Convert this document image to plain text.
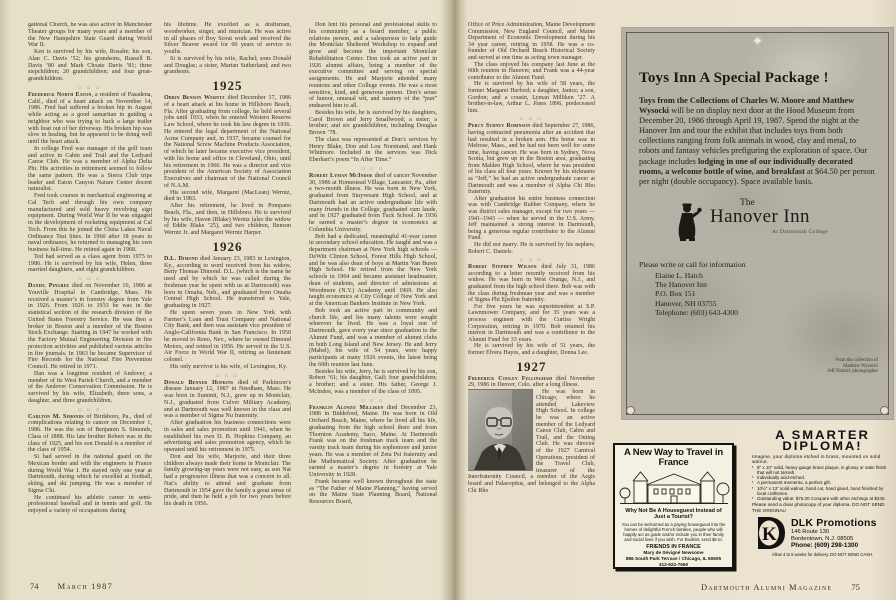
gational Church, he was also active in Manchester Theater groups for many years and a member of the New Hampshire State Guard during World War II.

Ken is survived by his wife, Rosalie; his son, Alan C. Davis ’52; his grandsons, Russell B. Davis ’80 and Mark Choate Davis ’81; three stepchildren; 20 grandchildren; and four great-grandchildren.

□ □ □

Frederick North Eaton, a resident of Pasadena, Calif., died of a heart attack on November 14, 1986. Fred had suffered a broken hip in August while acting as a good samaritan in guiding a neighbor who was trying to back a large trailer with boat out of her driveway. His broken hip was slow in healing, but he appeared to be doing well until the heart attack.

In college Fred was manager of the golf team and active in Cabin and Trail and the Ledyard Canoe Club. He was a member of Alpha Delta Phi. His activities in retirement seemed to follow the same pattern. He was a Sierra Club trips leader and Eaton Canyon Nature Center docent naturalist.

Fred took courses in mechanical engineering at Cal Tech and through his own company manufactured and sold heavy revolving sign equipment. During World War II he was engaged in the development of rocketing equipment at Cal Tech. From this he joined the China Lakes Naval Ordinance Test Sites. In 1960 after 18 years in naval ordinance, he returned to managing his own business full-time. He retired again in 1968.

Ted had served as a class agent from 1975 to 1986. He is survived by his wife, Helen, three married daughters, and eight grandchildren.

□ □ □

Daniel Pingree died on November 16, 1986 at Youville Hospital in Cambridge, Mass. He received a master’s in forestry degree from Yale in 1926. From 1926 to 1933 he was in the statistical section of the research division of the United States Forestry Service. He was then a broker in Boston and a member of the Boston Stock Exchange. Starting in 1947 he worked with the Factory Mutual Engineering Division in fire protection activities and published various articles in fire journals. In 1963 he became Supervisor of Fire Records for the National Fire Prevention Council. He retired in 1971.

Dan was a longtime resident of Andover, a member of its West Parish Church, and a member of the Andover Conservation Commission. He is survived by his wife, Elizabeth, three sons, a daughter, and three grandchildren.

□ □ □

Carlton M. Simonds of Birdsboro, Pa., died of complications relating to cancer on December 1, 1986. He was the son of Benjamin S. Simonds, Class of 1888. His late brother Robert was in the class of 1925, and his son Donald is a member of the class of 1954.

Si had served in the national guard on the Mexican border and with the engineers in France during World War I. He stayed only one year at Dartmouth, during which he excelled at football, skiing, and ski jumping. He was a member of Sigma Chi.

He continued his athletic career in semi-professional baseball and in tennis and golf. He enjoyed a variety of occupations during

his lifetime. He excelled as a draftsman, woodworker, singer, and musician. He was active in all phases of Boy Scout work and received the Silver Beaver award for 60 years of service to youths.

Si is survived by his wife, Rachel; sons Donald and Douglas; a sister, Marian Sutherland; and two grandsons.

1925

Orrin Benson Werntz died December 17, 1986 of a heart attack at his home in Hillsboro Beach, Fla. After graduating from college, he held several jobs until 1933, when he entered Western Reserve Law School, where he took his law degree in 1936. He entered the legal department of the National Acme Company and, in 1937, became counsel for the National Screw Machine Products Association, of which he later became executive vice president, with his home and office in Cleveland, Ohio, until his retirement in 1966. He was a director and vice president of the American Society of Association Executives and chairman of the National Council of N.A.M.

His second wife, Margaret (MacLean) Werntz, died in 1983.

After his retirement, he lived in Pompano Beach, Fla., and then, in Hillsboro. He is survived by his wife, Haven (Blake) Werntz (also the widow of Eddie Blake ’25), and two children, Benson Werntz Jr. and Margaret Werntz Harper.

1926

D.L. Dimond died January 23, 1983 in Lexington, Ky., according to word received from his widow, Betty Thomas Dimond. D.L. (which is the name he used and by which he was called during the freshman year he spent with us at Dartmouth) was born in Omaha, Neb., and graduated from Omaha Central High School. He transferred to Yale, graduating in 1927.

He spent seven years in New York with Farmer’s Loan and Trust Company and National City Bank, and then was assistant vice president of Anglo-California Bank in San Francisco. In 1950 he moved to Reno, Nev., where he owned Dimond Motors, and retired in 1956. He served in the U.S. Air Force in World War II, retiring as lieutenant colonel.

His only survivor is his wife, of Lexington, Ky.

□ □ □

Donald Benner Hopkins died of Parkinson’s disease January 12, 1987 in Needham, Mass. He was born in Summit, N.J., grew up in Montclair, N.J., graduated from Culver Military Academy, and at Dartmouth was well known in the class and was a member of Sigma Nu fraternity.

After graduation his business connections were in sales and sales promotion until 1941, when he established his own D. B. Hopkins Company, an advertising and sales promotion agency, which he operated until his retirement in 1975.

Don and his wife, Marjorie, and their three children always made their home in Montclair. The family growing-up years were not easy, as son Nat had a progressive illness that was a concern to all. Nat’s ability to attend and graduate from Dartmouth in 1954 gave the family a great sense of pride, and then he held a job for two years before his death in 1956.

Don lent his personal and professional skills to his community as a board member, a public relations person, and a salesperson to help guide the Montclair Sheltered Workshop to expand and grow and become the important Montclair Rehabilitation Center. Don took an active part in 1926 alumni affairs, being a member of the executive committee and serving on special assignments. He and Marjorie attended many reunions and other College events. He was a most sensitive, kind, and generous person. Don’s sense of humor, unusual wit, and mastery of the “pun” endeared him to all.

Besides his wife, he is survived by his daughters, Carol Brown and Jerry Smallwood; a sister; a brother; and six grandchildren, including Douglas Brown ’78.

The class was represented at Don’s services by Henry Blake, Don and Lou Norstrand, and Hank Whitmore. Included in the services was Dick Eberhart’s poem “In After Time.”

□ □ □

Robert Lyman McIndoe died of cancer November 30, 1986 at Homestead Village, Lancaster, Pa., after a two-month illness. He was born in New York, graduated from Stuyvesant High School, and at Dartmouth had an active undergraduate life with many friends in the College, graduated cum laude, and in 1927 graduated from Tuck School. In 1936 he earned a master’s degree in economics at Columbia University.

Bob had a dedicated, meaningful 41-year career in secondary school education. He taught and was a department chairman at New York high schools — DeWitt Clinton School, Forest Hills High School, and he was also dean of boys at Martin Van Buren High School. He retired from the New York schools in 1964 and became assistant headmaster, dean of students, and director of admissions at Woodmere (N.Y.) Academy until 1969. He also taught economics at City College of New York and at the American Bankers Institute in New York.

Bob took an active part in community and church life, and his many talents were sought wherever he lived. He was a loyal son of Dartmouth, gave every year since graduation to the Alumni Fund, and was a member of alumni clubs in both Long Island and New Jersey. He and Jerry (Mabel), his wife of 54 years, were happy participants at many 1926 events, the latest being the 60th reunion last June.

Besides his wife, Jerry, he is survived by his son, Robert ’61; his daughter, Gail; four grandchildren; a brother; and a sister. His father, George J. McIndoe, was a member of the class of 1895.

□ □ □

Franklin Alonzo Milliken died December 23, 1986 in Biddeford, Maine. He was born in Old Orchard Beach, Maine, where he lived all his life, graduating from the high school there and from Thornton Academy, Saco, Maine. At Dartmouth Frank was on the freshman track team and the varsity track team during his sophomore and junior years. He was a member of Zeta Psi fraternity and the Mathematical Society. After graduation he earned a master’s degree in forestry at Yale University in 1928.

Frank became well known throughout the state as “The Father of Maine Planning,” having served on the Maine State Planning Board, National Resources Board,

Office of Price Administration, Maine Development Commission, New England Council, and Maine Department of Economic Development during his 34 year career, retiring in 1958. He was a co-founder of Old Orchard Beach Historical Society and served at one time as acting town manager.

The class enjoyed his company last June at the 60th reunion in Hanover, and Frank was a 44-year contributor to the Alumni Fund.

He is survived by his wife of 58 years, the former Margaret Harford; a daughter, Janice; a son, Gordon; and a cousin, Lyman Milliken ’27. A brother-in-law, Arthur L. Jones 1896, predeceased him.

□ □ □

Percy Sydney Robinson died September 27, 1986, having contracted pneumonia after an accident that had resulted in a broken arm. His home was in Melrose, Mass., and he had not been well for some time, having cancer. He was born in Sydney, Nova Scotia, but grew up in the Boston area, graduating from Malden High School, where he was president of his class all four years. Known by his nickname as “Jeff,” he had an active undergraduate career at Dartmouth and was a member of Alpha Chi Rho fraternity.

After graduation his entire business connection was with Cambridge Rubber Company, where he was district sales manager, except for two years — 1941–1943 — when he served in the U.S. Army. Jeff maintained a strong interest in Dartmouth, being a generous regular contributor to the Alumni Fund.

He did not marry. He is survived by his nephew, Robert C. Daniels.

□ □ □

Robert Stephen Wilson died July 31, 1986 according to a letter recently received from his widow. He was born in West Orange, N.J., and graduated from the high school there. Bob was with the class during freshman year and was a member of Sigma Phi Epsilon fraternity.

For five years he was superintendent at S.P. Lawnmower Company, and for 35 years was a process engineer with the Curtiss Wright Corporation, retiring in 1970. Bob retained his interest in Dartmouth and was a contributor to the Alumni Fund for 33 years.

He is survived by his wife of 51 years, the former Elvera Hayes, and a daughter, Donna Lee.

1927

Frederick Cooley Fellingham died November 29, 1986 in Denver, Colo. after a long illness.

He was born in Chicago, where he attended Lakeview High School. In college he was an active member of the Ledyard Canoe Club, Cabin and Trail, and the Outing Club. He was director of the 1927 Carnival Operations, president of the Travel Club, treasurer of the Interfraternity Council, a member of the Aegis board and Palaeopitus, and belonged to the Alpha Chi Rho

✦
Toys Inn A Special Package !
Toys from the Collections of Charles W. Moore and Matthew Wysocki will be on display next door at the Hood Museum from December 20, 1986 through April 19, 1987. Spend the night at the Hanover Inn and tour the exhibit that includes toys from both collections ranging from folk animals in wood, clay and metal, to robots and fantasy vehicles prefiguring the exploration of space. Our package includes lodging in one of our individually decorated rooms, a welcome bottle of wine, and breakfast at $64.50 per person per night (double occupancy). Space available basis.
The
Hanover Inn
At Dartmouth College
Please write or call for information
Elaine L. Hatch
The Hanover Inn
P.O. Box 151
Hanover, NH 03755
Telephone: (603) 643-4300
From the collection of
Matthew Wysocki
Jeff Nintzel, photographer
A New Way to Travel in France
Why Not Be A Houseguest Instead of Just a Tourist?
You can be welcomed as a paying houseguest into the homes of delightful French families, people who will happily act as guide and/or include you in their family and social lives if you wish. For Booklet, send $5 to:
FRIENDS IN FRANCE
Mary de Sévigné Newsome
886 South Park Terrace / Chicago, IL 60605
312-922-7660
A SMARTER DIPLOMA!
Imagine, your diploma etched in brass, mounted on solid walnut.
▪ 8" x 10" solid, heavy-gauge brass plaque, in glossy or satin finish that will not tarnish.
▪ Individually acid-etched.
▪ A permanent memento, a perfect gift.
▪ 10½" x 13" solid walnut, hand cut, hand glued, hand finished by local craftsmen.
▪ Outstanding value: $75.00 Compare with other etchings at $240.
Please send a clear photocopy of your diploma. DO NOT SEND THE ORIGINAL!
K
DLK Promotions
146 Route 130
Bordentown, N.J. 08505
Phone: (609) 298-1300
Allow 4 to 6 weeks for delivery. DO NOT SEND CASH.
74 March 1987	Dartmouth Alumni Magazine 75
